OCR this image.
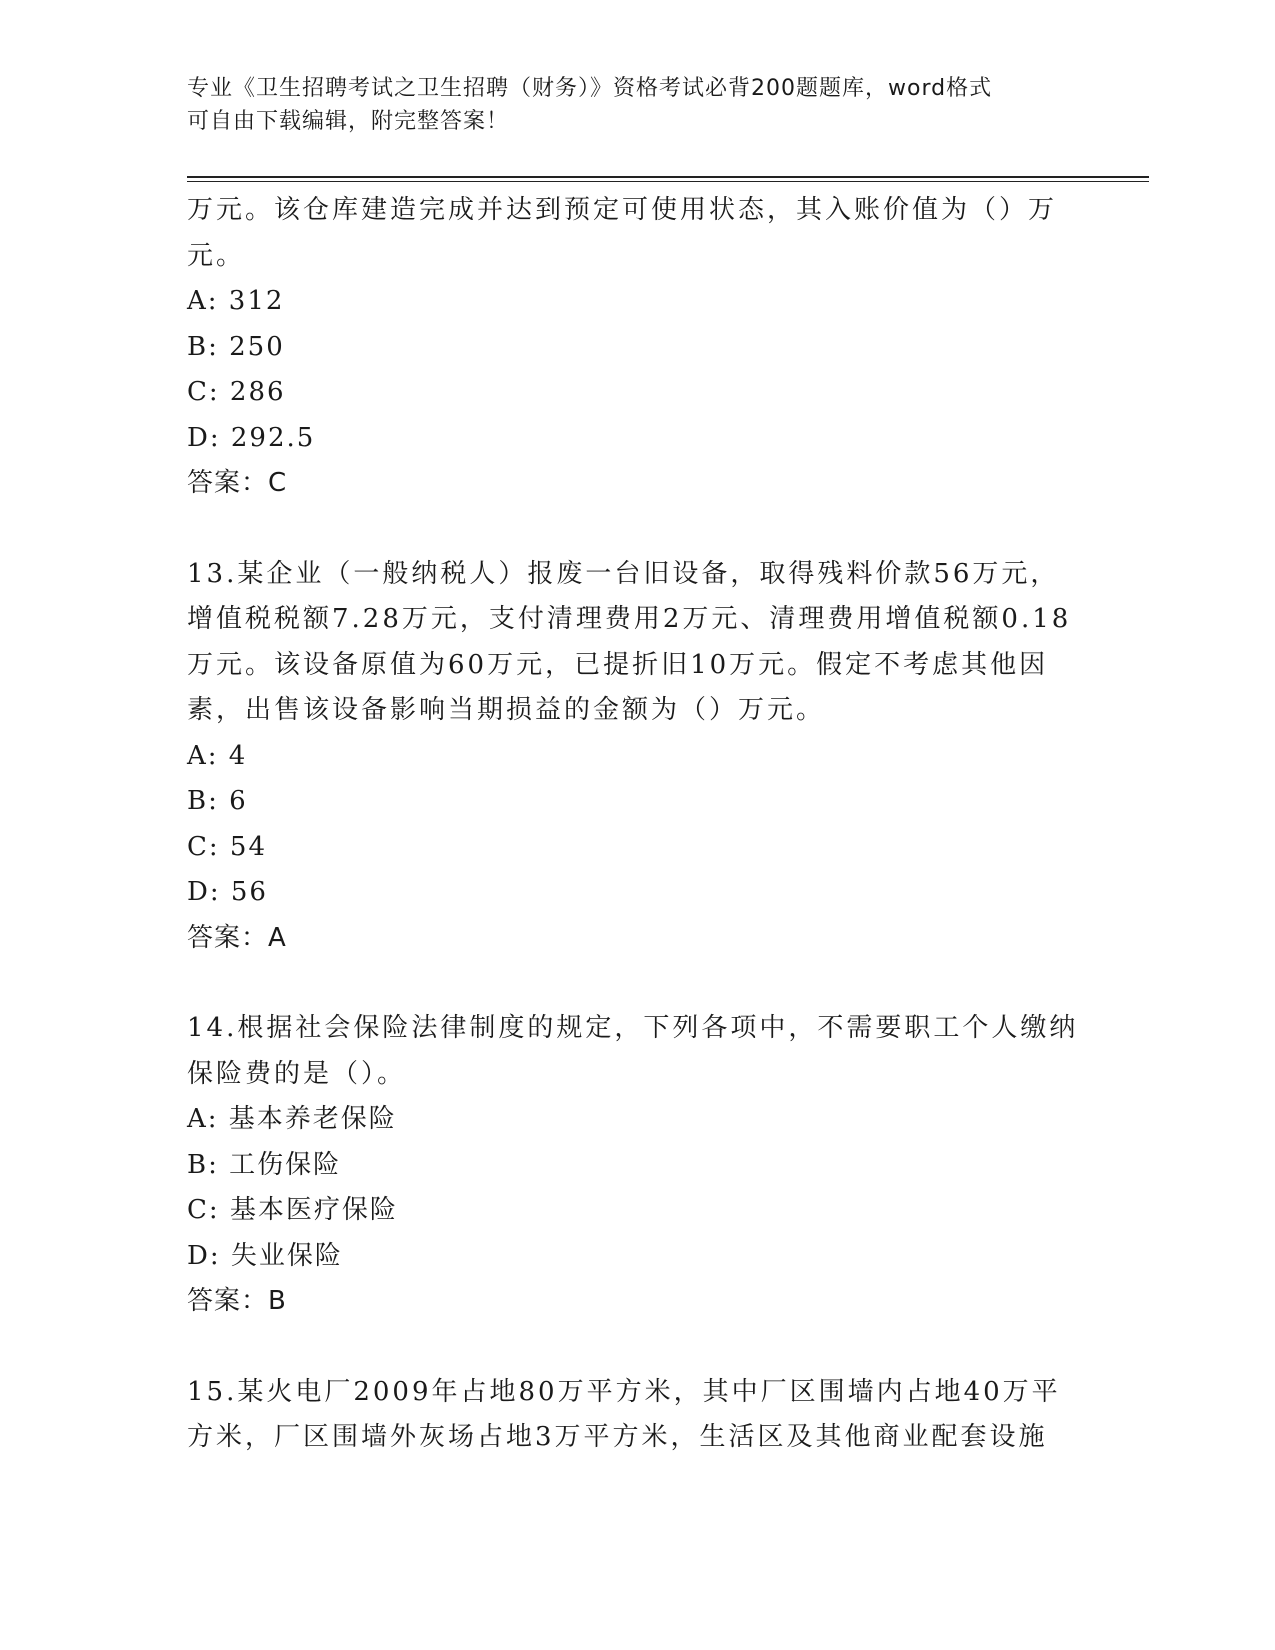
专业《卫生招聘考试之卫生招聘（财务）》资格考试必背200题题库，word格式
可自由下载编辑，附完整答案！

万元。该仓库建造完成并达到预定可使用状态，其入账价值为（）万

元。

A: 312

B: 250

C: 286

D: 292.5

答案：C

13.某企业（一般纳税人）报废一台旧设备，取得残料价款56万元，

增值税税额7.28万元，支付清理费用2万元、清理费用增值税额0.18

万元。该设备原值为60万元，已提折旧10万元。假定不考虑其他因

素，出售该设备影响当期损益的金额为（）万元。

A: 4

B: 6

C: 54

D: 56

答案：A

14.根据社会保险法律制度的规定，下列各项中，不需要职工个人缴纳

保险费的是（）。

A: 基本养老保险

B: 工伤保险

C: 基本医疗保险

D: 失业保险

答案：B

15.某火电厂2009年占地80万平方米，其中厂区围墙内占地40万平

方米，厂区围墙外灰场占地3万平方米，生活区及其他商业配套设施
